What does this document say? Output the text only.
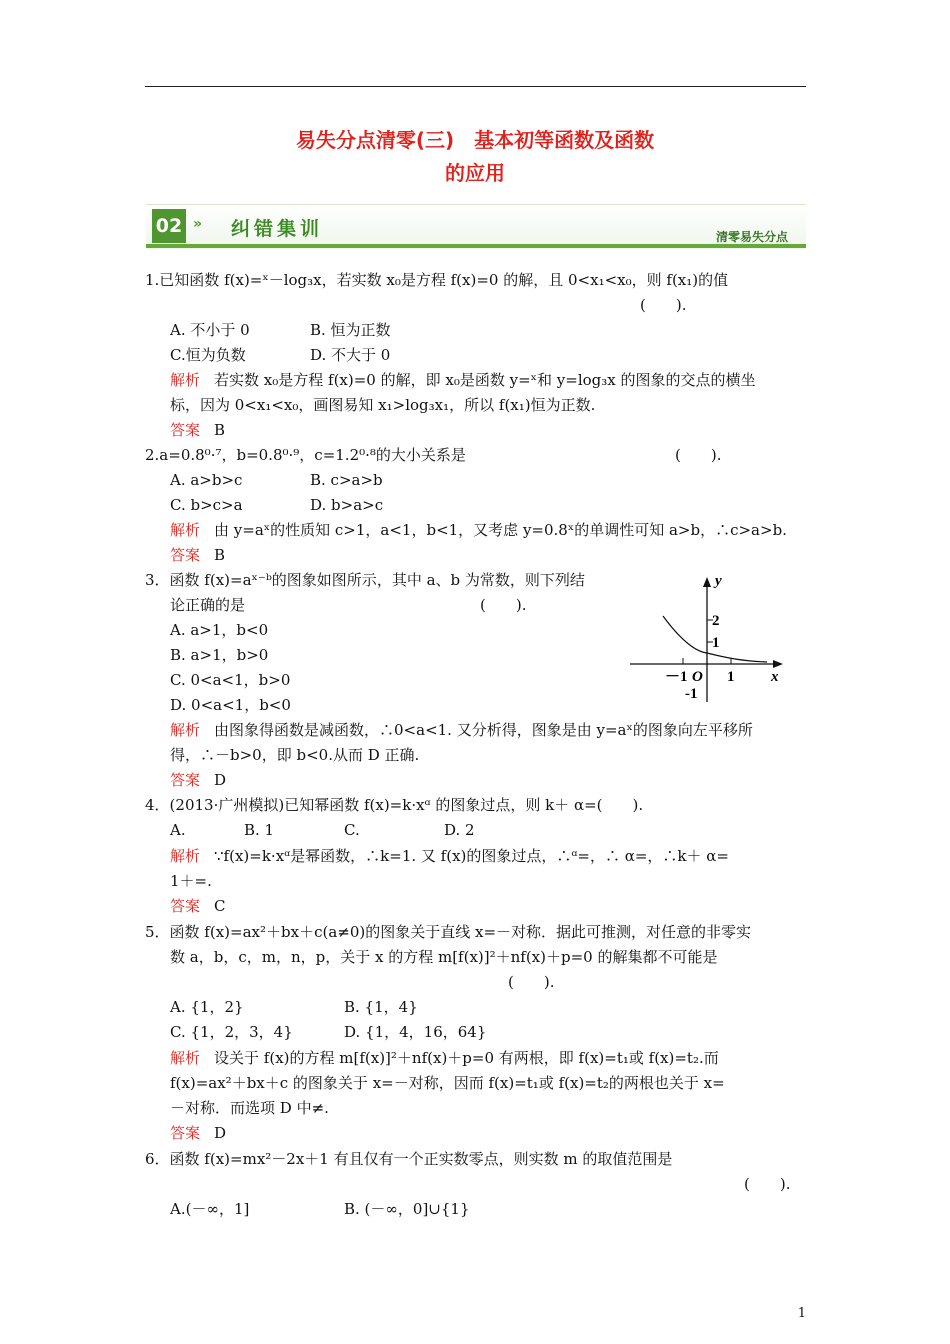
易失分点清零(三)　基本初等函数及函数
的应用
02 » 纠错集训	清零易失分点
1.已知函数 f(x)=ˣ－log₃x，若实数 x₀是方程 f(x)=0 的解，且 0<x₁<x₀，则 f(x₁)的值
(　　).
A. 不小于 0	B. 恒为正数
C.恒为负数	D. 不大于 0
解析 若实数 x₀是方程 f(x)=0 的解，即 x₀是函数 y=ˣ和 y=log₃x 的图象的交点的横坐
标，因为 0<x₁<x₀，画图易知 x₁>log₃x₁，所以 f(x₁)恒为正数.
答案 B
2.a=0.8⁰·⁷，b=0.8⁰·⁹，c=1.2⁰·⁸的大小关系是	(　　).
A. a>b>c	B. c>a>b
C. b>c>a	D. b>a>c
解析 由 y=aˣ的性质知 c>1，a<1，b<1，又考虑 y=0.8ˣ的单调性可知 a>b，∴c>a>b.
答案 B
3．函数 f(x)=aˣ⁻ᵇ的图象如图所示，其中 a、b 为常数，则下列结
论正确的是	(　　).
A. a>1，b<0
B. a>1，b>0
C. 0<a<1，b>0
D. 0<a<1，b<0
y
x
2
1
－1 O 1
-1
解析 由图象得函数是减函数，∴0<a<1. 又分析得，图象是由 y=aˣ的图象向左平移所
得，∴－b>0，即 b<0.从而 D 正确.
答案 D
4．(2013·广州模拟)已知幂函数 f(x)=k·xᵅ 的图象过点，则 k＋ α=(　　).
A.	B. 1	C.	D. 2
解析 ∵f(x)=k·xᵅ是幂函数，∴k=1. 又 f(x)的图象过点，∴ᵅ=，∴ α=，∴k＋ α=
1＋=.
答案 C
5．函数 f(x)=ax²＋bx＋c(a≠0)的图象关于直线 x=－对称．据此可推测，对任意的非零实
数 a，b，c，m，n，p，关于 x 的方程 m[f(x)]²＋nf(x)＋p=0 的解集都不可能是
(　　).
A. {1，2}	B. {1，4}
C. {1，2，3，4}	D. {1，4，16，64}
解析 设关于 f(x)的方程 m[f(x)]²＋nf(x)＋p=0 有两根，即 f(x)=t₁或 f(x)=t₂.而
f(x)=ax²＋bx＋c 的图象关于 x=－对称，因而 f(x)=t₁或 f(x)=t₂的两根也关于 x=
－对称．而选项 D 中≠.
答案 D
6．函数 f(x)=mx²－2x＋1 有且仅有一个正实数零点，则实数 m 的取值范围是
(　　).
A.(－∞，1]	B. (－∞，0]∪{1}
1
